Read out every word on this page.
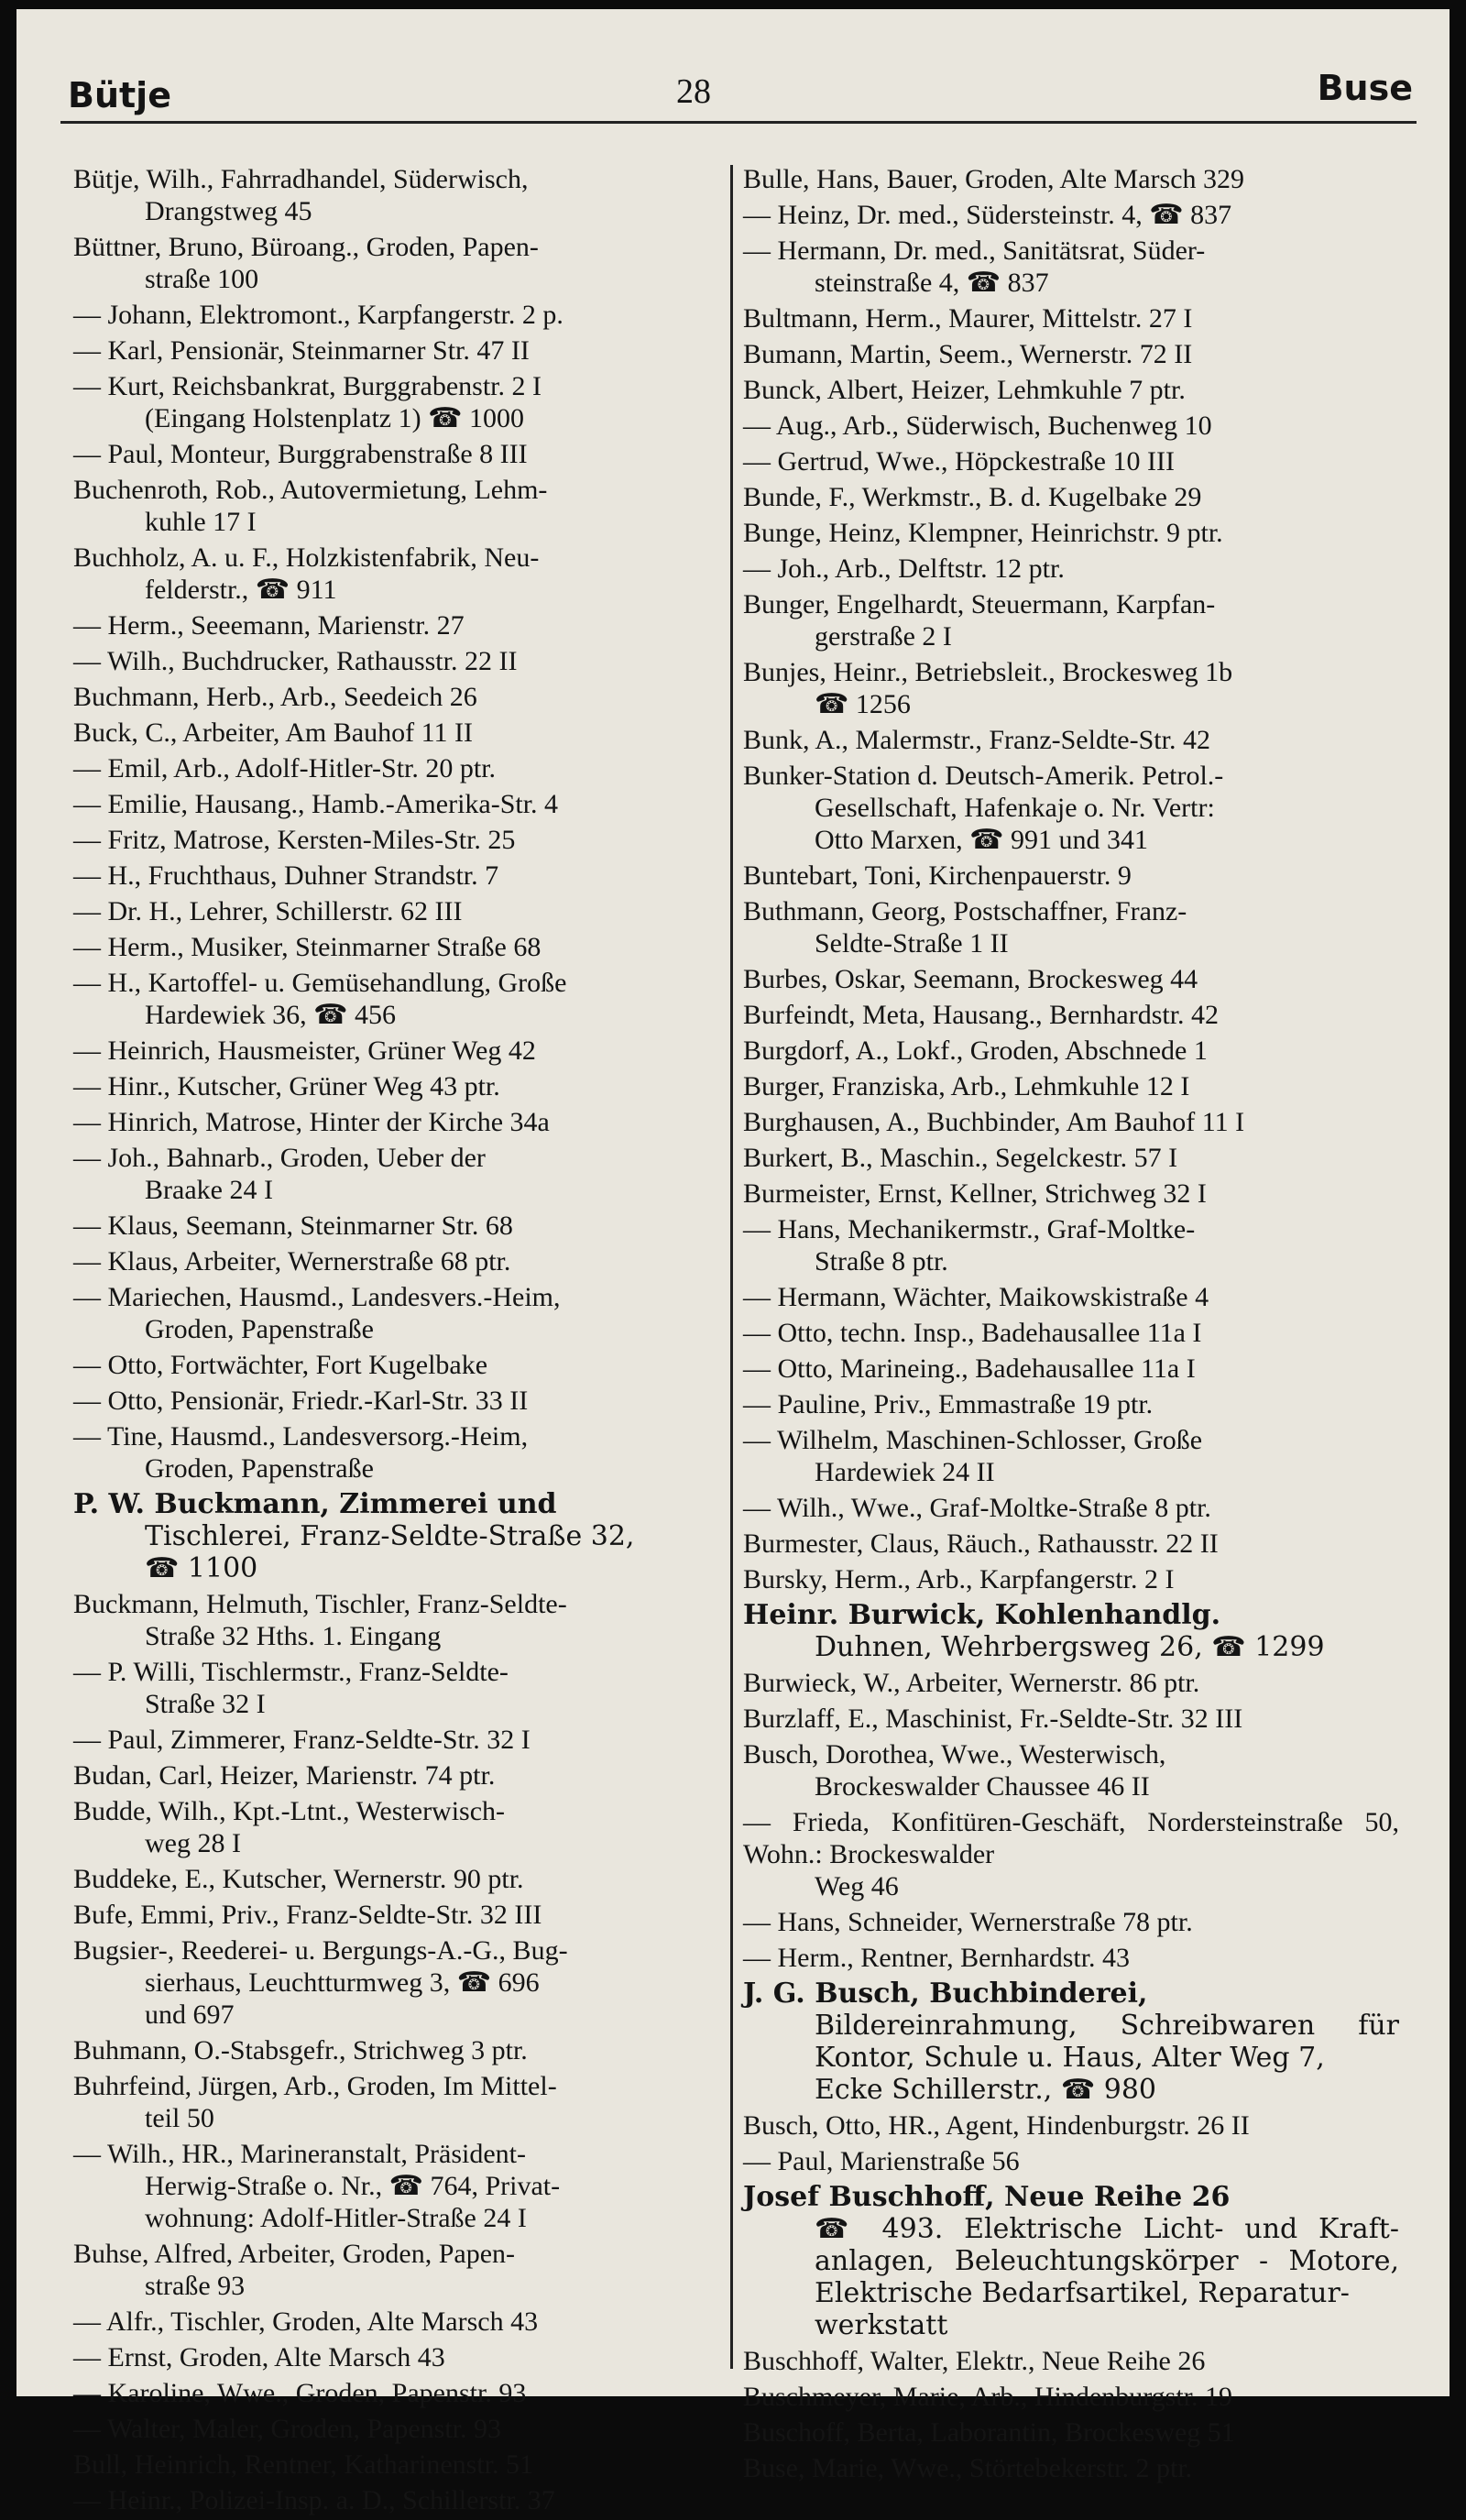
Bütje	28	Buse
Bütje, Wilh., Fahrradhandel, Süderwisch,
Drangstweg 45
Büttner, Bruno, Büroang., Groden, Papen-
straße 100
— Johann, Elektromont., Karpfangerstr. 2 p.
— Karl, Pensionär, Steinmarner Str. 47 II
— Kurt, Reichsbankrat, Burggrabenstr. 2 I
(Eingang Holstenplatz 1) ☎ 1000
— Paul, Monteur, Burggrabenstraße 8 III
Buchenroth, Rob., Autovermietung, Lehm-
kuhle 17 I
Buchholz, A. u. F., Holzkistenfabrik, Neu-
felderstr., ☎ 911
— Herm., Seeemann, Marienstr. 27
— Wilh., Buchdrucker, Rathausstr. 22 II
Buchmann, Herb., Arb., Seedeich 26
Buck, C., Arbeiter, Am Bauhof 11 II
— Emil, Arb., Adolf-Hitler-Str. 20 ptr.
— Emilie, Hausang., Hamb.-Amerika-Str. 4
— Fritz, Matrose, Kersten-Miles-Str. 25
— H., Fruchthaus, Duhner Strandstr. 7
— Dr. H., Lehrer, Schillerstr. 62 III
— Herm., Musiker, Steinmarner Straße 68
— H., Kartoffel- u. Gemüsehandlung, Große
Hardewiek 36, ☎ 456
— Heinrich, Hausmeister, Grüner Weg 42
— Hinr., Kutscher, Grüner Weg 43 ptr.
— Hinrich, Matrose, Hinter der Kirche 34a
— Joh., Bahnarb., Groden, Ueber der
Braake 24 I
— Klaus, Seemann, Steinmarner Str. 68
— Klaus, Arbeiter, Wernerstraße 68 ptr.
— Mariechen, Hausmd., Landesvers.-Heim,
Groden, Papenstraße
— Otto, Fortwächter, Fort Kugelbake
— Otto, Pensionär, Friedr.-Karl-Str. 33 II
— Tine, Hausmd., Landesversorg.-Heim,
Groden, Papenstraße
P. W. Buckmann, Zimmerei und
Tischlerei, Franz-Seldte-Straße 32,
☎ 1100
Buckmann, Helmuth, Tischler, Franz-Seldte-
Straße 32 Hths. 1. Eingang
— P. Willi, Tischlermstr., Franz-Seldte-
Straße 32 I
— Paul, Zimmerer, Franz-Seldte-Str. 32 I
Budan, Carl, Heizer, Marienstr. 74 ptr.
Budde, Wilh., Kpt.-Ltnt., Westerwisch-
weg 28 I
Buddeke, E., Kutscher, Wernerstr. 90 ptr.
Bufe, Emmi, Priv., Franz-Seldte-Str. 32 III
Bugsier-, Reederei- u. Bergungs-A.-G., Bug-
sierhaus, Leuchtturmweg 3, ☎ 696
und 697
Buhmann, O.-Stabsgefr., Strichweg 3 ptr.
Buhrfeind, Jürgen, Arb., Groden, Im Mittel-
teil 50
— Wilh., HR., Marineranstalt, Präsident-
Herwig-Straße o. Nr., ☎ 764, Privat-
wohnung: Adolf-Hitler-Straße 24 I
Buhse, Alfred, Arbeiter, Groden, Papen-
straße 93
— Alfr., Tischler, Groden, Alte Marsch 43
— Ernst, Groden, Alte Marsch 43
— Karoline, Wwe., Groden, Papenstr. 93
— Walter, Maler, Groden, Papenstr. 93
Bull, Heinrich, Rentner, Katharinenstr. 51
— Heinr., Polizei-Insp. a. D., Schillerstr. 37
Bulle, Hans, Bauer, Groden, Alte Marsch 329
— Heinz, Dr. med., Südersteinstr. 4, ☎ 837
— Hermann, Dr. med., Sanitätsrat, Süder-
steinstraße 4, ☎ 837
Bultmann, Herm., Maurer, Mittelstr. 27 I
Bumann, Martin, Seem., Wernerstr. 72 II
Bunck, Albert, Heizer, Lehmkuhle 7 ptr.
— Aug., Arb., Süderwisch, Buchenweg 10
— Gertrud, Wwe., Höpckestraße 10 III
Bunde, F., Werkmstr., B. d. Kugelbake 29
Bunge, Heinz, Klempner, Heinrichstr. 9 ptr.
— Joh., Arb., Delftstr. 12 ptr.
Bunger, Engelhardt, Steuermann, Karpfan-
gerstraße 2 I
Bunjes, Heinr., Betriebsleit., Brockesweg 1b
☎ 1256
Bunk, A., Malermstr., Franz-Seldte-Str. 42
Bunker-Station d. Deutsch-Amerik. Petrol.-
Gesellschaft, Hafenkaje o. Nr. Vertr:
Otto Marxen, ☎ 991 und 341
Buntebart, Toni, Kirchenpauerstr. 9
Buthmann, Georg, Postschaffner, Franz-
Seldte-Straße 1 II
Burbes, Oskar, Seemann, Brockesweg 44
Burfeindt, Meta, Hausang., Bernhardstr. 42
Burgdorf, A., Lokf., Groden, Abschnede 1
Burger, Franziska, Arb., Lehmkuhle 12 I
Burghausen, A., Buchbinder, Am Bauhof 11 I
Burkert, B., Maschin., Segelckestr. 57 I
Burmeister, Ernst, Kellner, Strichweg 32 I
— Hans, Mechanikermstr., Graf-Moltke-
Straße 8 ptr.
— Hermann, Wächter, Maikowskistraße 4
— Otto, techn. Insp., Badehausallee 11a I
— Otto, Marineing., Badehausallee 11a I
— Pauline, Priv., Emmastraße 19 ptr.
— Wilhelm, Maschinen-Schlosser, Große
Hardewiek 24 II
— Wilh., Wwe., Graf-Moltke-Straße 8 ptr.
Burmester, Claus, Räuch., Rathausstr. 22 II
Bursky, Herm., Arb., Karpfangerstr. 2 I
Heinr. Burwick, Kohlenhandlg.
Duhnen, Wehrbergsweg 26, ☎ 1299
Burwieck, W., Arbeiter, Wernerstr. 86 ptr.
Burzlaff, E., Maschinist, Fr.-Seldte-Str. 32 III
Busch, Dorothea, Wwe., Westerwisch,
Brockeswalder Chaussee 46 II
— Frieda, Konfitüren-Geschäft, Nordersteinstraße 50, Wohn.: Brockeswalder
Weg 46
— Hans, Schneider, Wernerstraße 78 ptr.
— Herm., Rentner, Bernhardstr. 43
J. G. Busch, Buchbinderei,
Bildereinrahmung, Schreibwaren für Kontor, Schule u. Haus, Alter Weg 7,
Ecke Schillerstr., ☎ 980
Busch, Otto, HR., Agent, Hindenburgstr. 26 II
— Paul, Marienstraße 56
Josef Buschhoff, Neue Reihe 26
☎ 493. Elektrische Licht- und Kraft-anlagen, Beleuchtungskörper - Motore, Elektrische Bedarfsartikel, Reparatur-
werkstatt
Buschhoff, Walter, Elektr., Neue Reihe 26
Buschmeyer, Marie, Arb., Hindenburgstr. 19
Buschoff, Berta, Laborantin, Brockesweg 51
Buse, Marie, Wwe., Störtebekerstr. 2 ptr.
